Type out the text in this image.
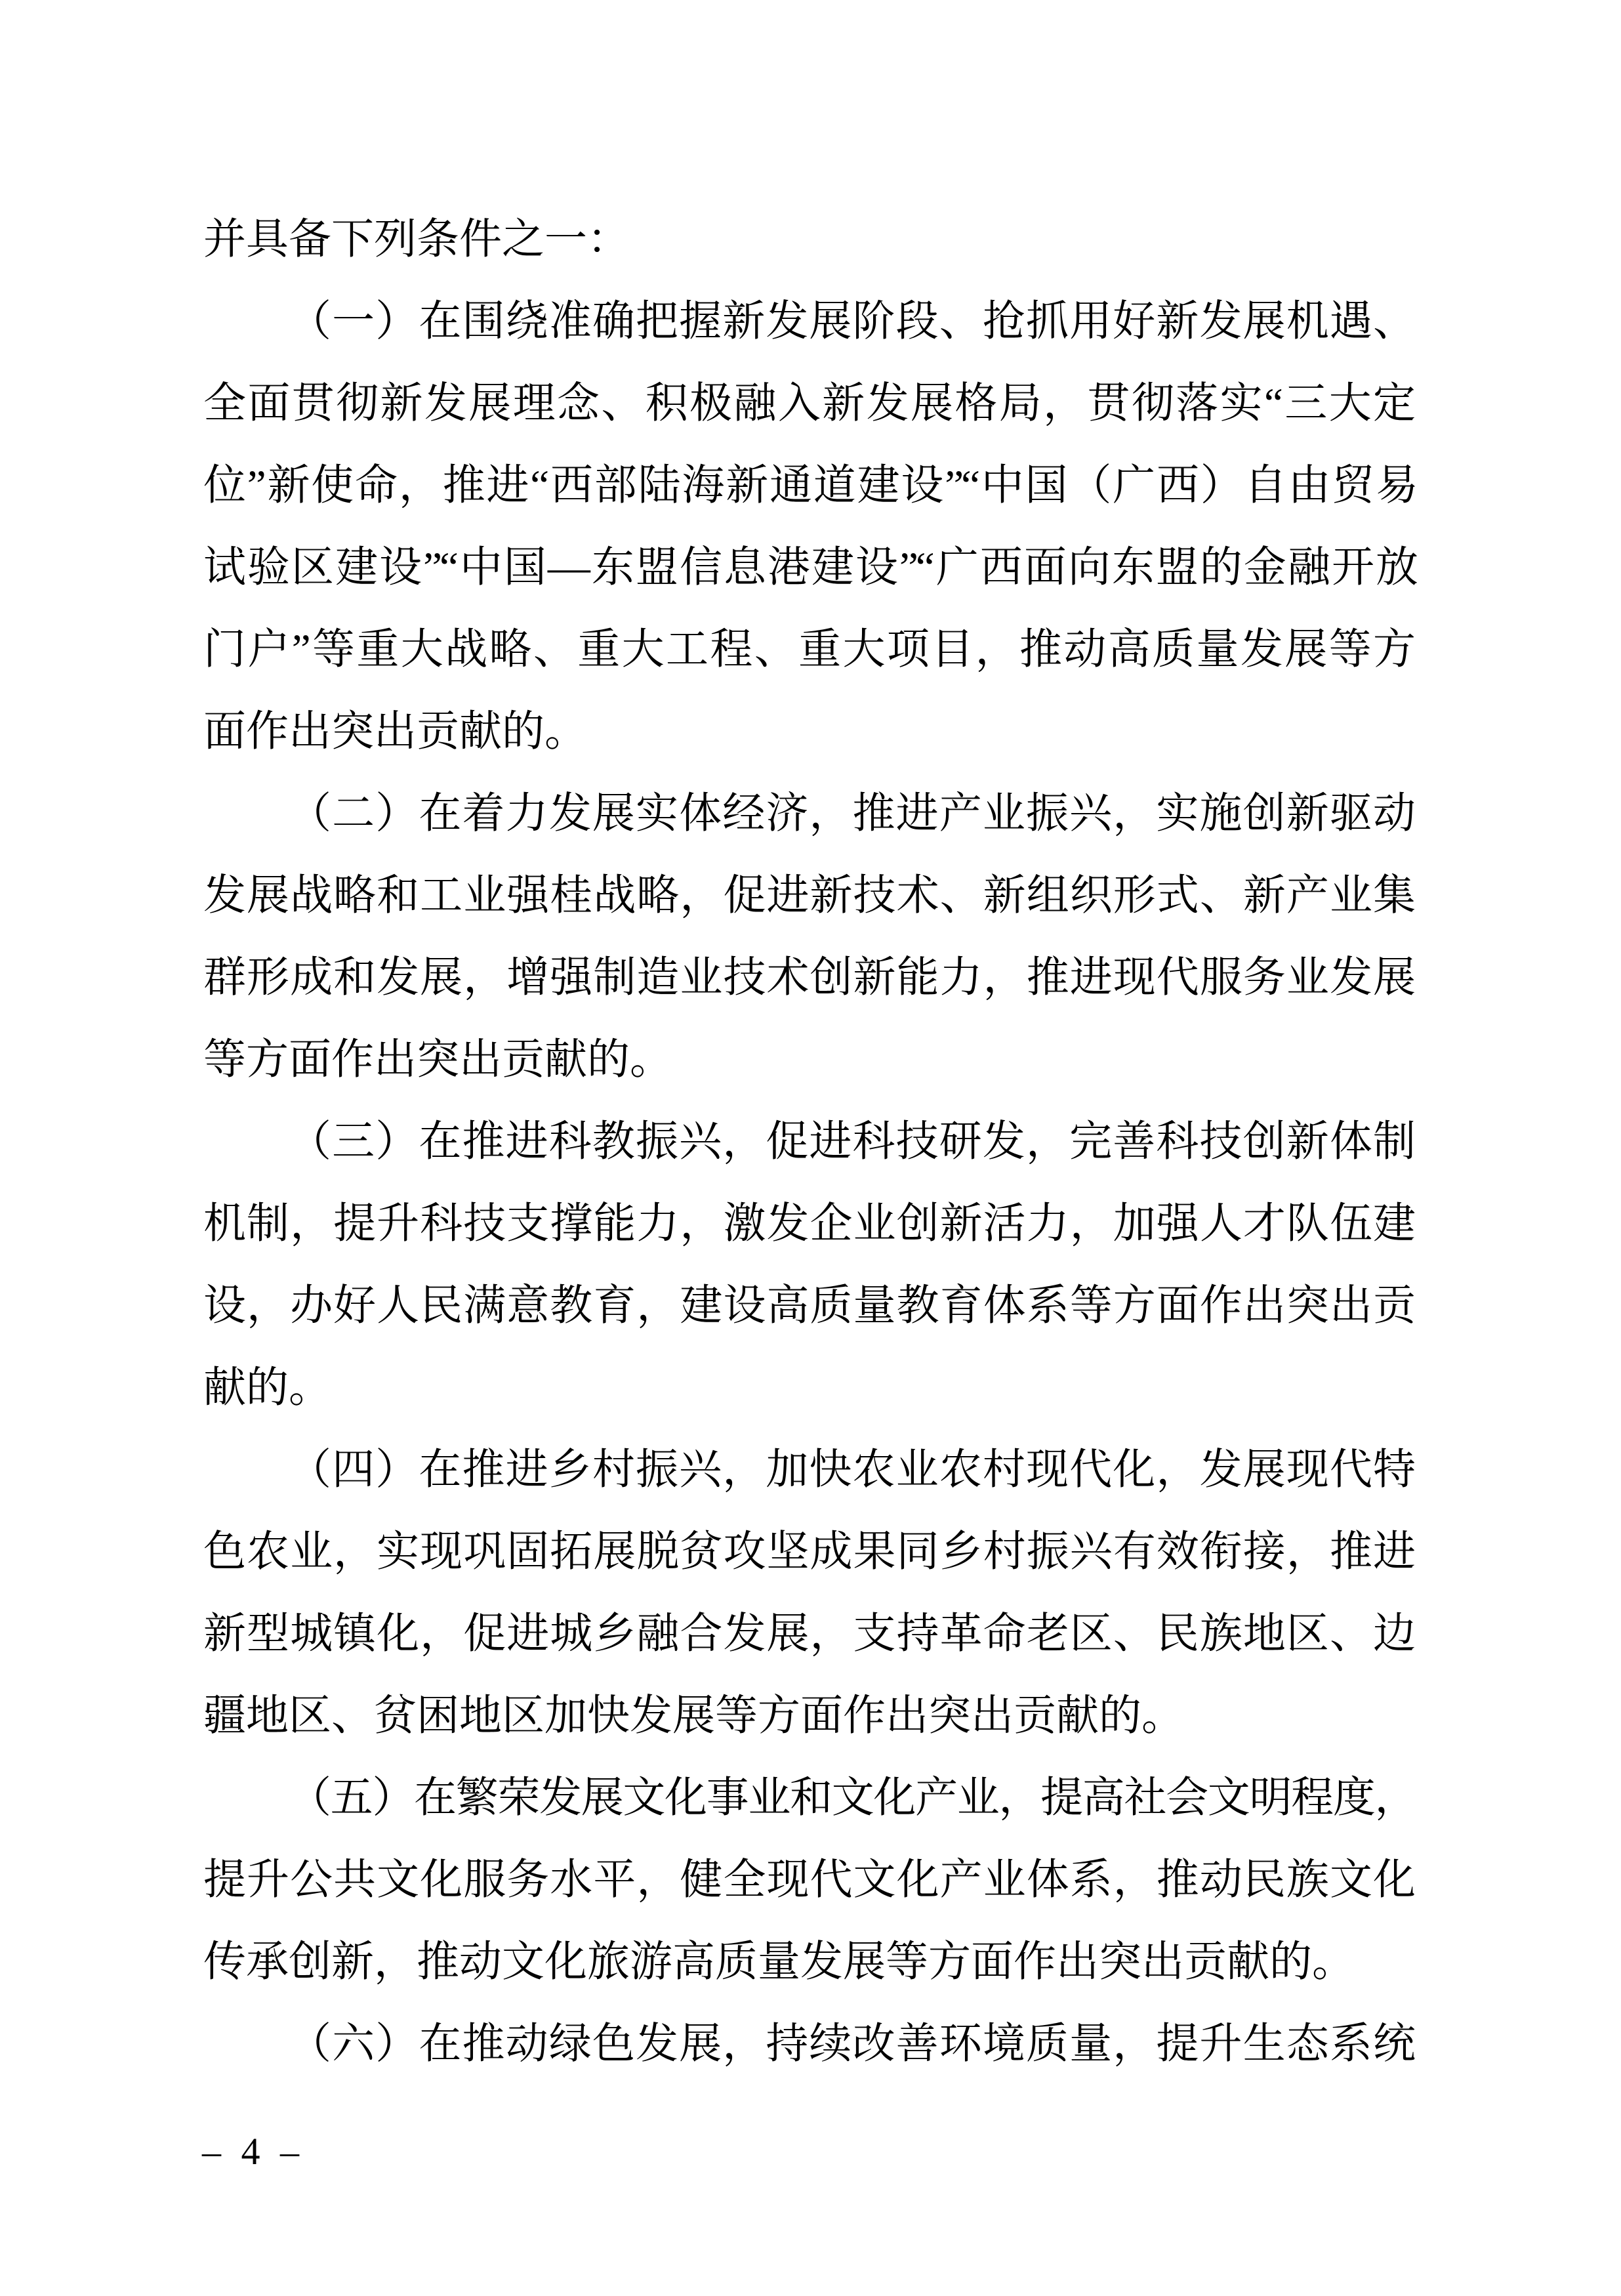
并具备下列条件之一：
（一）在围绕准确把握新发展阶段、抢抓用好新发展机遇、
全面贯彻新发展理念、积极融入新发展格局，贯彻落实“三大定
位”新使命，推进“西部陆海新通道建设”“中国（广西）自由贸易
试验区建设”“中国—东盟信息港建设”“广西面向东盟的金融开放
门户”等重大战略、重大工程、重大项目，推动高质量发展等方
面作出突出贡献的。
（二）在着力发展实体经济，推进产业振兴，实施创新驱动
发展战略和工业强桂战略，促进新技术、新组织形式、新产业集
群形成和发展，增强制造业技术创新能力，推进现代服务业发展
等方面作出突出贡献的。
（三）在推进科教振兴，促进科技研发，完善科技创新体制
机制，提升科技支撑能力，激发企业创新活力，加强人才队伍建
设，办好人民满意教育，建设高质量教育体系等方面作出突出贡
献的。
（四）在推进乡村振兴，加快农业农村现代化，发展现代特
色农业，实现巩固拓展脱贫攻坚成果同乡村振兴有效衔接，推进
新型城镇化，促进城乡融合发展，支持革命老区、民族地区、边
疆地区、贫困地区加快发展等方面作出突出贡献的。
（五）在繁荣发展文化事业和文化产业，提高社会文明程度，
提升公共文化服务水平，健全现代文化产业体系，推动民族文化
传承创新，推动文化旅游高质量发展等方面作出突出贡献的。
（六）在推动绿色发展，持续改善环境质量，提升生态系统
– 4 –
